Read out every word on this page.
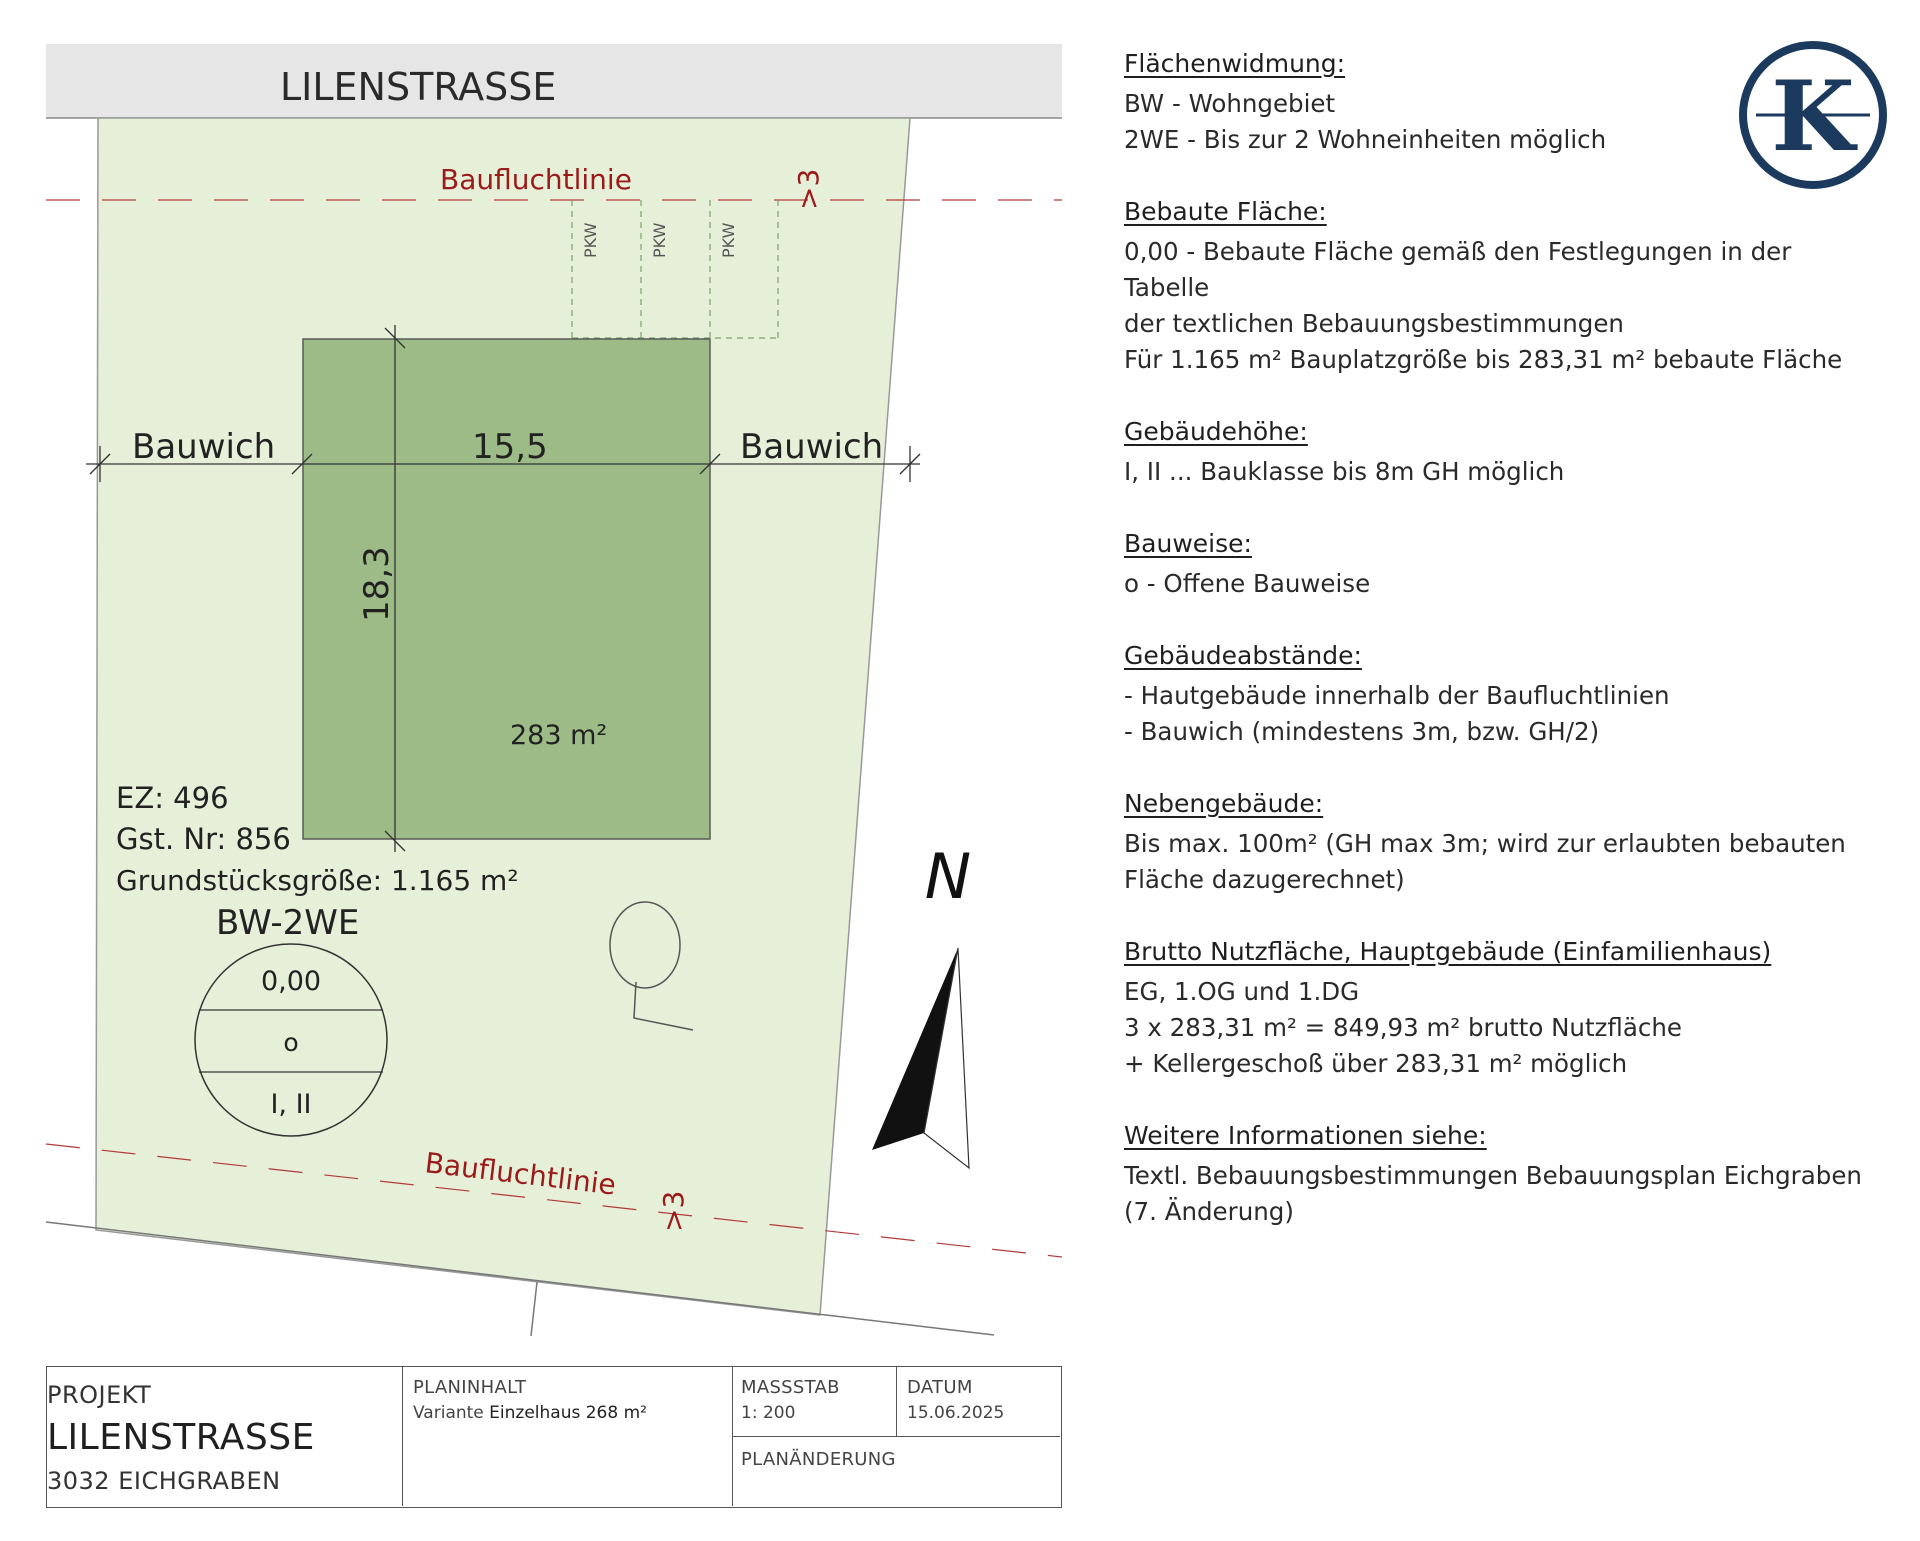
LILENSTRASSE
Baufluchtlinie
Baufluchtlinie
>3
>3
PKW	PKW	PKW
Bauwich	Bauwich
15,5
18,3
283 m²
EZ: 496
Gst. Nr: 856
Grundstücksgröße: 1.165 m²
BW-2WE
0,00
o
I, II
N
PROJEKT
LILENSTRASSE
3032 EICHGRABEN
PLANINHALT
Variante Einzelhaus 268 m²
MASSSTAB
1: 200
DATUM
15.06.2025
PLANÄNDERUNG

Flächenwidmung:

BW - Wohngebiet

2WE - Bis zur 2 Wohneinheiten möglich

Bebaute Fläche:

0,00 - Bebaute Fläche gemäß den Festlegungen in der Tabelle

der textlichen Bebauungsbestimmungen

Für 1.165 m² Bauplatzgröße bis 283,31 m² bebaute Fläche

Gebäudehöhe:

I, II ... Bauklasse bis 8m GH möglich

Bauweise:

o - Offene Bauweise

Gebäudeabstände:

- Hautgebäude innerhalb der Baufluchtlinien

- Bauwich (mindestens 3m, bzw. GH/2)

Nebengebäude:

Bis max. 100m² (GH max 3m; wird zur erlaubten bebauten

Fläche dazugerechnet)

Brutto Nutzfläche, Hauptgebäude (Einfamilienhaus)

EG, 1.OG und 1.DG

3 x 283,31 m² = 849,93 m² brutto Nutzfläche

+ Kellergeschoß über 283,31 m² möglich

Weitere Informationen siehe:

Textl. Bebauungsbestimmungen Bebauungsplan Eichgraben

(7. Änderung)

K
